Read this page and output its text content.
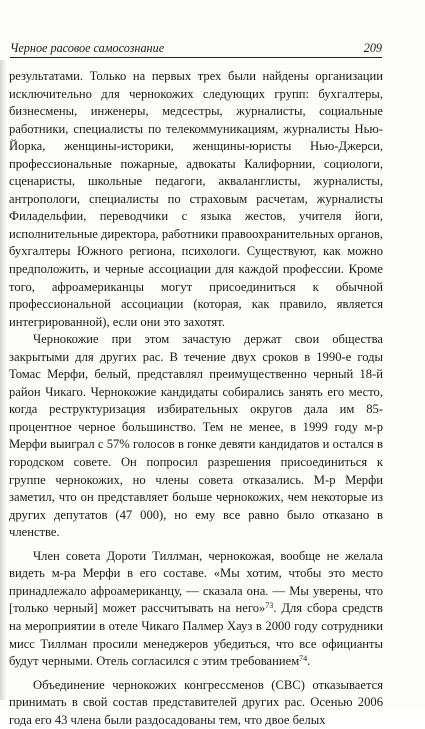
Черное расовое самосознание	209

результатами. Только на первых трех были найдены организации исключительно для чернокожих следующих групп: бухгалтеры, бизнесмены, инженеры, медсестры, журналисты, социальные работники, специалисты по телекоммуникациям, журналисты Нью-Йорка, женщины-историки, женщины-юристы Нью-Джерси, профессиональные пожарные, адвокаты Калифорнии, социологи, сценаристы, школьные педагоги, акваланглисты, журналисты, антропологи, специалисты по страховым расчетам, журналисты Филадельфии, переводчики с языка жестов, учителя йоги, исполнительные директора, работники правоохранительных органов, бухгалтеры Южного региона, психологи. Существуют, как можно предположить, и черные ассоциации для каждой профессии. Кроме того, афроамериканцы могут присоединиться к обычной профессиональной ассоциации (которая, как правило, является интегрированной), если они это захотят.

Чернокожие при этом зачастую держат свои общества закрытыми для других рас. В течение двух сроков в 1990-е годы Томас Мерфи, белый, представлял преимущественно черный 18-й район Чикаго. Чернокожие кандидаты собирались занять его место, когда реструктуризация избирательных округов дала им 85-процентное черное большинство. Тем не менее, в 1999 году м-р Мерфи выиграл с 57% голосов в гонке девяти кандидатов и остался в городском совете. Он попросил разрешения присоединиться к группе чернокожих, но члены совета отказались. М-р Мерфи заметил, что он представляет больше чернокожих, чем некоторые из других депутатов (47 000), но ему все равно было отказано в членстве.

Член совета Дороти Тиллман, чернокожая, вообще не желала видеть м-ра Мерфи в его составе. «Мы хотим, чтобы это место принадлежало афроамериканцу, — сказала она. — Мы уверены, что [только черный] может рассчитывать на него»$^{73}$. Для сбора средств на мероприятии в отеле Чикаго Палмер Хауз в 2000 году сотрудники мисс Тиллман просили менеджеров убедиться, что все официанты будут черными. Отель согласился с этим требованием$^{74}$.

Объединение чернокожих конгрессменов (CBC) отказывается принимать в свой состав представителей других рас. Осенью 2006 года его 43 члена были раздосадованы тем, что двое белых
